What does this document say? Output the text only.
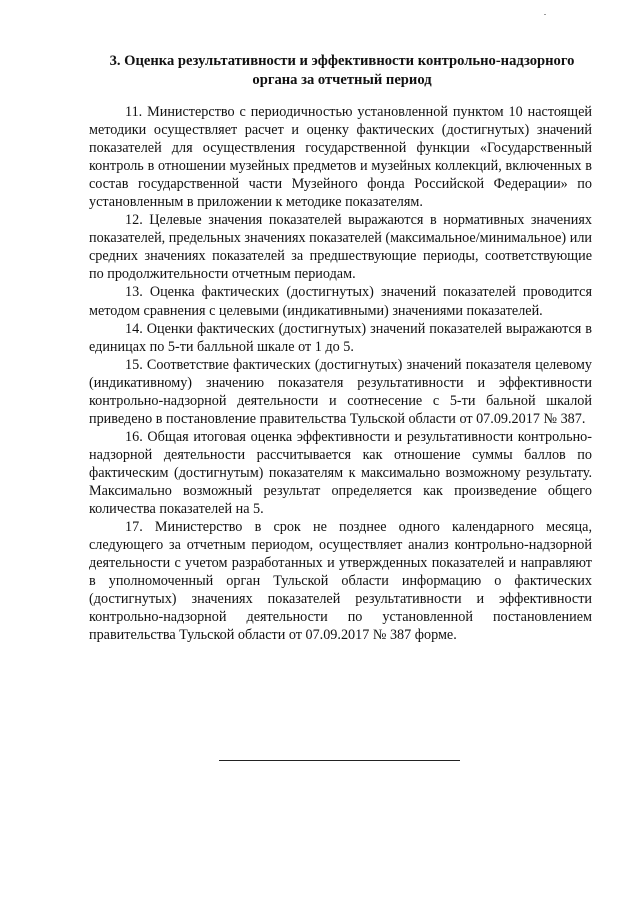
3. Оценка результативности и эффективности контрольно-надзорного
органа за отчетный период

11. Министерство с периодичностью установленной пунктом 10 настоящей методики осуществляет расчет и оценку фактических (достигнутых) значений показателей для осуществления государственной функции «Государственный контроль в отношении музейных предметов и музейных коллекций, включенных в состав государственной части Музейного фонда Российской Федерации» по установленным в приложении к методике показателям.

12. Целевые значения показателей выражаются в нормативных значениях показателей, предельных значениях показателей (максимальное/минимальное) или средних значениях показателей за предшествующие периоды, соответствующие по продолжительности отчетным периодам.

13. Оценка фактических (достигнутых) значений показателей проводится методом сравнения с целевыми (индикативными) значениями показателей.

14. Оценки фактических (достигнутых) значений показателей выражаются в единицах по 5-ти балльной шкале от 1 до 5.

15. Соответствие фактических (достигнутых) значений показателя целевому (индикативному) значению показателя результативности и эффективности контрольно-надзорной деятельности и соотнесение с 5-ти бальной шкалой приведено в постановление правительства Тульской области от 07.09.2017 № 387.

16. Общая итоговая оценка эффективности и результативности контрольно-надзорной деятельности рассчитывается как отношение суммы баллов по фактическим (достигнутым) показателям к максимально возможному результату. Максимально возможный результат определяется как произведение общего количества показателей на 5.

17. Министерство в срок не позднее одного календарного месяца, следующего за отчетным периодом, осуществляет анализ контрольно-надзорной деятельности с учетом разработанных и утвержденных показателей и направляют в уполномоченный орган Тульской области информацию о фактических (достигнутых) значениях показателей результативности и эффективности контрольно-надзорной деятельности по установленной постановлением правительства Тульской области от 07.09.2017 № 387 форме.
